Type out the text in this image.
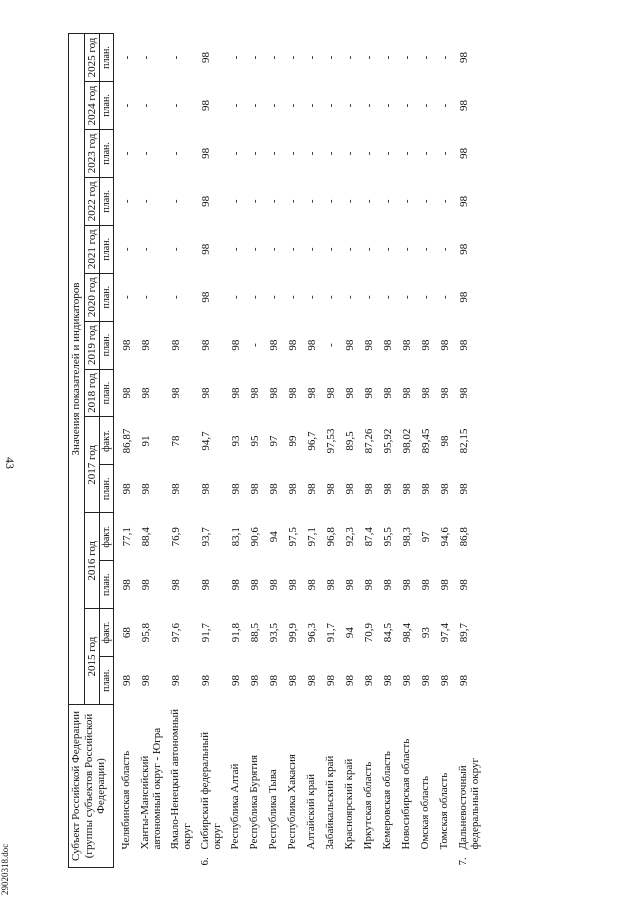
43
Субъект Российской Федерации (группы субъектов Российской Федерации)	Значения показателей и индикаторов													
	2015 год		2016 год		2017 год		2018 год	2019 год	2020 год	2021 год	2022 год	2023 год	2024 год	2025 год
	план.	факт.	план.	факт.	план.	факт.	план.	план.	план.	план.	план.	план.	план.	план.

Челябинская область	98	68	98	77,1	98	86,87	98	98	-	-	-	-	-	-

Ханты-Мансийский автономный округ - Югра	98	95,8	98	88,4	98	91	98	98	-	-	-	-	-	-

Ямало-Ненецкий автономный округ	98	97,6	98	76,9	98	78	98	98	-	-	-	-	-	-

6.
Сибирский федеральный округ	98	91,7	98	93,7	98	94,7	98	98	98	98	98	98	98	98

Республика Алтай	98	91,8	98	83,1	98	93	98	98	-	-	-	-	-	-

Республика Бурятия	98	88,5	98	90,6	98	95	98	-	-	-	-	-	-	-

Республика Тыва	98	93,5	98	94	98	97	98	98	-	-	-	-	-	-

Республика Хакасия	98	99,9	98	97,5	98	99	98	98	-	-	-	-	-	-

Алтайский край	98	96,3	98	97,1	98	96,7	98	98	-	-	-	-	-	-

Забайкальский край	98	91,7	98	96,8	98	97,53	98	-	-	-	-	-	-	-

Красноярский край	98	94	98	92,3	98	89,5	98	98	-	-	-	-	-	-

Иркутская область	98	70,9	98	87,4	98	87,26	98	98	-	-	-	-	-	-

Кемеровская область	98	84,5	98	95,5	98	95,92	98	98	-	-	-	-	-	-

Новосибирская область	98	98,4	98	98,3	98	98,02	98	98	-	-	-	-	-	-

Омская область	98	93	98	97	98	89,45	98	98	-	-	-	-	-	-

Томская область	98	97,4	98	94,6	98	98	98	98	-	-	-	-	-	-

7.
Дальневосточный федеральный округ	98	89,7	98	86,8	98	82,15	98	98	98	98	98	98	98	98
29020318.doc
